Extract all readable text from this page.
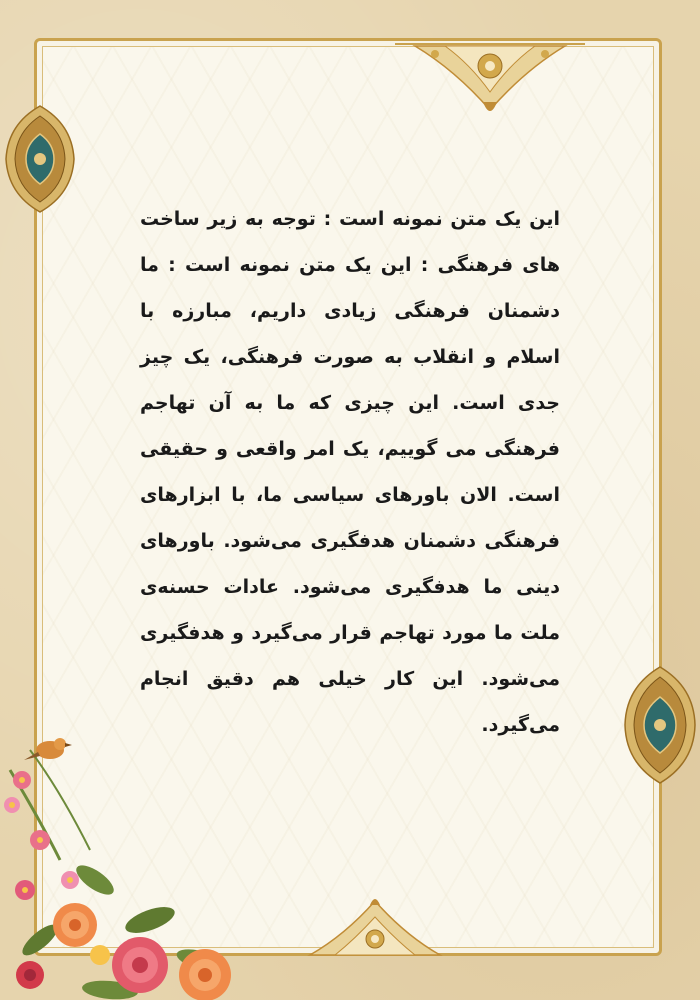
این یک متن نمونه است : توجه به زیر ساخت های فرهنگی : این یک متن نمونه است : ما دشمنان فرهنگی زیادی داریم، مبارزه با اسلام و انقلاب به صورت فرهنگی، یک چیز جدی است. این چیزی که ما به آن تهاجم فرهنگی می گوییم، یک امر واقعی و حقیقی است. الان باورهای سیاسی ما، با ابزارهای فرهنگی دشمنان هدفگیری می‌شود. باورهای دینی ما هدفگیری می‌شود. عادات حسنه‌ی ملت ما مورد تهاجم قرار می‌گیرد و هدفگیری می‌شود. این کار خیلی هم دقیق انجام می‌گیرد.
